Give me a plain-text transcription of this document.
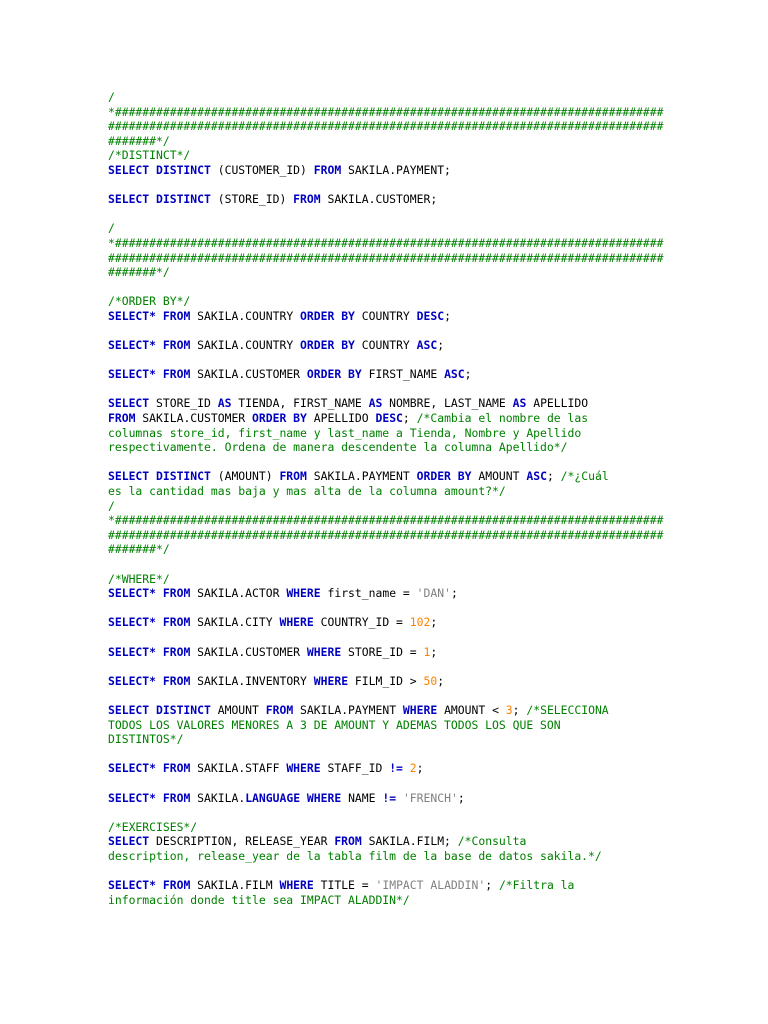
/
*########################################################################################################################################################################*/
/*DISTINCT*/
SELECT DISTINCT (CUSTOMER_ID) FROM SAKILA.PAYMENT;
SELECT DISTINCT (STORE_ID) FROM SAKILA.CUSTOMER;
/
*########################################################################################################################################################################*/
/*ORDER BY*/
SELECT* FROM SAKILA.COUNTRY ORDER BY COUNTRY DESC;
SELECT* FROM SAKILA.COUNTRY ORDER BY COUNTRY ASC;
SELECT* FROM SAKILA.CUSTOMER ORDER BY FIRST_NAME ASC;
SELECT STORE_ID AS TIENDA, FIRST_NAME AS NOMBRE, LAST_NAME AS APELLIDO
FROM SAKILA.CUSTOMER ORDER BY APELLIDO DESC; /*Cambia el nombre de las
columnas store_id, first_name y last_name a Tienda, Nombre y Apellido
respectivamente. Ordena de manera descendente la columna Apellido*/
SELECT DISTINCT (AMOUNT) FROM SAKILA.PAYMENT ORDER BY AMOUNT ASC; /*¿Cuál
es la cantidad mas baja y mas alta de la columna amount?*/
/
*########################################################################################################################################################################*/
/*WHERE*/
SELECT* FROM SAKILA.ACTOR WHERE first_name = 'DAN';
SELECT* FROM SAKILA.CITY WHERE COUNTRY_ID = 102;
SELECT* FROM SAKILA.CUSTOMER WHERE STORE_ID = 1;
SELECT* FROM SAKILA.INVENTORY WHERE FILM_ID > 50;
SELECT DISTINCT AMOUNT FROM SAKILA.PAYMENT WHERE AMOUNT < 3; /*SELECCIONA
TODOS LOS VALORES MENORES A 3 DE AMOUNT Y ADEMAS TODOS LOS QUE SON
DISTINTOS*/
SELECT* FROM SAKILA.STAFF WHERE STAFF_ID != 2;
SELECT* FROM SAKILA.LANGUAGE WHERE NAME != 'FRENCH';
/*EXERCISES*/
SELECT DESCRIPTION, RELEASE_YEAR FROM SAKILA.FILM; /*Consulta
description, release_year de la tabla film de la base de datos sakila.*/
SELECT* FROM SAKILA.FILM WHERE TITLE = 'IMPACT ALADDIN'; /*Filtra la
información donde title sea IMPACT ALADDIN*/
